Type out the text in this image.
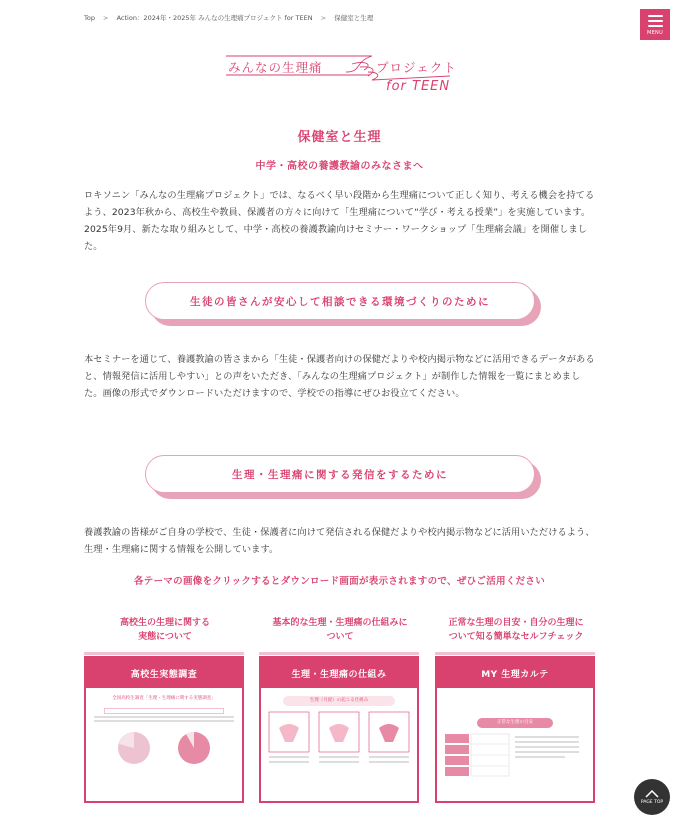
Top > Action：2024年・2025年 みんなの生理痛プロジェクト for TEEN > 保健室と生理
MENU
みんなの生理痛	プロジェクト
for TEEN
保健室と生理
中学・高校の養護教諭のみなさまへ

ロキソニン「みんなの生理痛プロジェクト」では、なるべく早い段階から生理痛について正しく知り、考える機会を持てるよう、2023年秋から、高校生や教員、保護者の方々に向けて「生理痛について“学び・考える授業”」を実施しています。2025年9月、新たな取り組みとして、中学・高校の養護教諭向けセミナー・ワークショップ「生理痛会議」を開催しました。

生徒の皆さんが安心して相談できる環境づくりのために

本セミナーを通じて、養護教諭の皆さまから「生徒・保護者向けの保健だよりや校内掲示物などに活用できるデータがあると、情報発信に活用しやすい」との声をいただき、「みんなの生理痛プロジェクト」が制作した情報を一覧にまとめました。画像の形式でダウンロードいただけますので、学校での指導にぜひお役立てください。

生理・生理痛に関する発信をするために

養護教諭の皆様がご自身の学校で、生徒・保護者に向けて発信される保健だよりや校内掲示物などに活用いただけるよう、生理・生理痛に関する情報を公開しています。

各テーマの画像をクリックするとダウンロード画面が表示されますので、ぜひご活用ください

高校生の生理に関する
実態について
高校生実態調査
全国高校生調査「生理・生理痛に関する実態調査」
基本的な生理・生理痛の仕組みに
ついて
生理・生理痛の仕組み
生理（月経）の起こる仕組み
正常な生理の目安・自分の生理に
ついて知る簡単なセルフチェック
MY 生理カルテ
正常な生理の目安
PAGE TOP
